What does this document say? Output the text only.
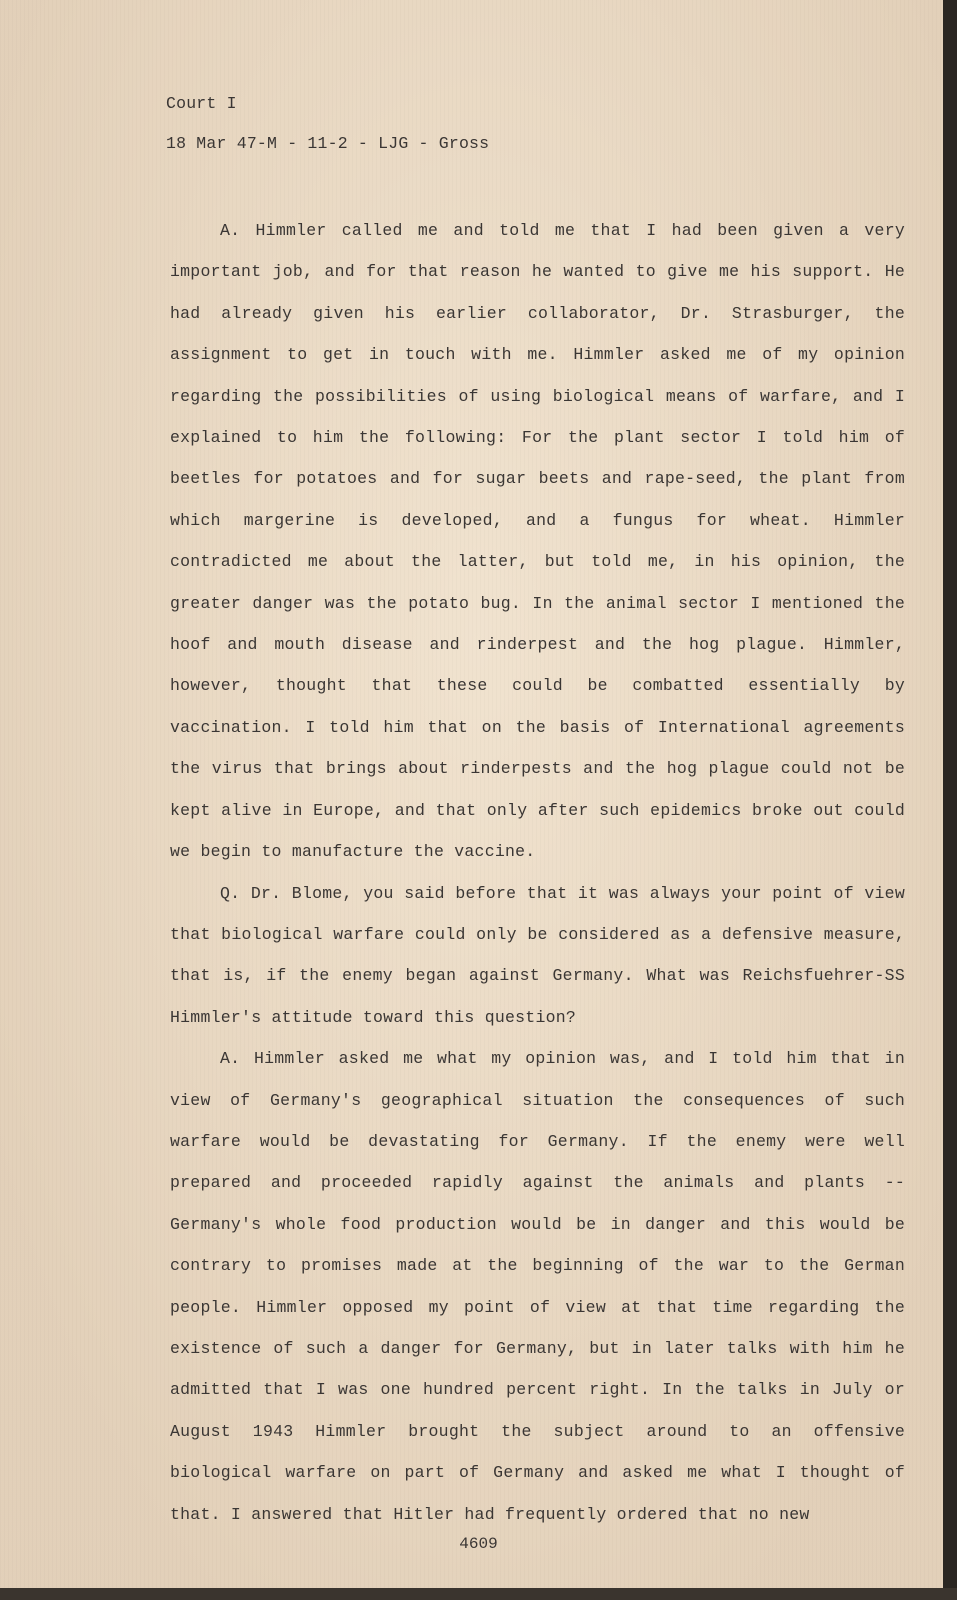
Court I
18 Mar 47-M - 11-2 - LJG - Gross

A. Himmler called me and told me that I had been given a very important job, and for that reason he wanted to give me his support. He had already given his earlier collaborator, Dr. Strasburger, the assignment to get in touch with me. Himmler asked me of my opinion regarding the possibilities of using biological means of warfare, and I explained to him the following: For the plant sector I told him of beetles for potatoes and for sugar beets and rape-seed, the plant from which margerine is developed, and a fungus for wheat. Himmler contradicted me about the latter, but told me, in his opinion, the greater danger was the potato bug. In the animal sector I mentioned the hoof and mouth disease and rinderpest and the hog plague. Himmler, however, thought that these could be combatted essentially by vaccination. I told him that on the basis of International agreements the virus that brings about rinderpests and the hog plague could not be kept alive in Europe, and that only after such epidemics broke out could we begin to manufacture the vaccine.

Q. Dr. Blome, you said before that it was always your point of view that biological warfare could only be considered as a defensive measure, that is, if the enemy began against Germany. What was Reichsfuehrer-SS Himmler's attitude toward this question?

A. Himmler asked me what my opinion was, and I told him that in view of Germany's geographical situation the consequences of such warfare would be devastating for Germany. If the enemy were well prepared and proceeded rapidly against the animals and plants -- Germany's whole food production would be in danger and this would be contrary to promises made at the beginning of the war to the German people. Himmler opposed my point of view at that time regarding the existence of such a danger for Germany, but in later talks with him he admitted that I was one hundred percent right. In the talks in July or August 1943 Himmler brought the subject around to an offensive biological warfare on part of Germany and asked me what I thought of that. I answered that Hitler had frequently ordered that no new

4609
